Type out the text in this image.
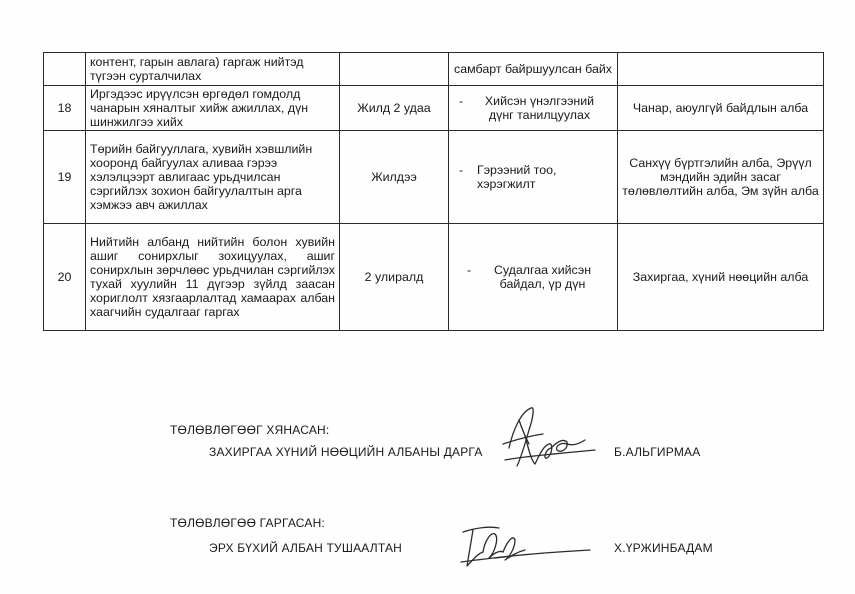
	контент, гарын авлага) гаргаж нийтэд түгээн сурталчилах		самбарт байршуулсан байх	

18	Иргэдээс ирүүлсэн өргөдөл гомдолд чанарын хяналтыг хийж ажиллах, дүн шинжилгээ хийх	Жилд 2 удаа	- Хийсэн үнэлгээний дүнг танилцуулах	Чанар, аюулгүй байдлын алба
19	Төрийн байгууллага, хувийн хэвшлийн хооронд байгуулах аливаа гэрээ хэлэлцээрт авлигаас урьдчилсан сэргийлэх зохион байгуулалтын арга хэмжээ авч ажиллах	Жилдээ	- Гэрээний тоо, хэрэгжилт	Санхүү бүртгэлийн алба, Эрүүл мэндийн эдийн засаг төлөвлөлтийн алба, Эм зүйн алба
20	Нийтийн албанд нийтийн болон хувийн ашиг сонирхлыг зохицуулах, ашиг сонирхлын зөрчлөөс урьдчилан сэргийлэх тухай хуулийн 11 дүгээр зүйлд заасан хориглолт хязгаарлалтад хамаарах албан хаагчийн судалгааг гаргах	2 улиралд	- Судалгаа хийсэн байдал, үр дүн	Захиргаа, хүний нөөцийн алба
ТӨЛӨВЛӨГӨӨГ ХЯНАСАН:
ЗАХИРГАА ХҮНИЙ НӨӨЦИЙН АЛБАНЫ ДАРГА	Б.АЛЬГИРМАА
ТӨЛӨВЛӨГӨӨ ГАРГАСАН:
ЭРХ БҮХИЙ АЛБАН ТУШААЛТАН	Х.ҮРЖИНБАДАМ
